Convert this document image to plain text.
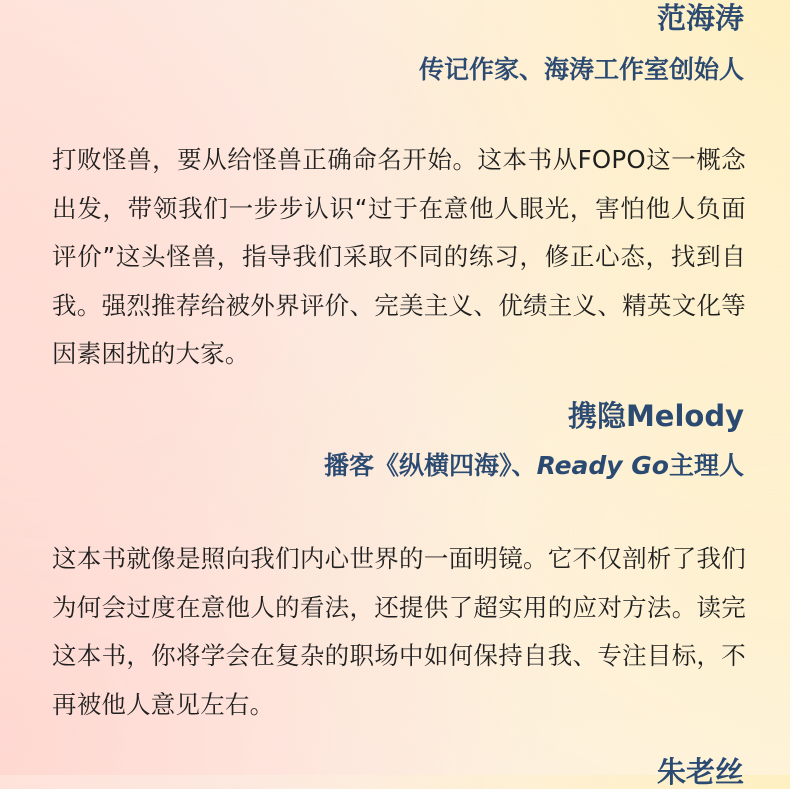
范海涛
传记作家、海涛工作室创始人

打败怪兽，要从给怪兽正确命名开始。这本书从FOPO这一概念出发，带领我们一步步认识“过于在意他人眼光，害怕他人负面评价”这头怪兽，指导我们采取不同的练习，修正心态，找到自我。强烈推荐给被外界评价、完美主义、优绩主义、精英文化等因素困扰的大家。

携隐Melody
播客《纵横四海》、Ready Go主理人

这本书就像是照向我们内心世界的一面明镜。它不仅剖析了我们为何会过度在意他人的看法，还提供了超实用的应对方法。读完这本书，你将学会在复杂的职场中如何保持自我、专注目标，不再被他人意见左右。

朱老丝
